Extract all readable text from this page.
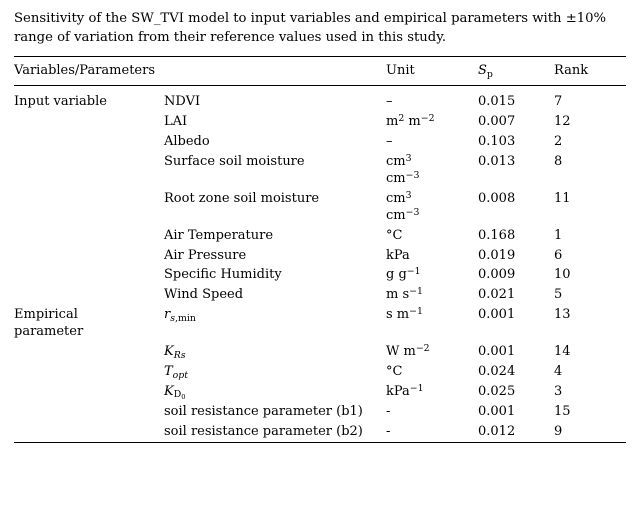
Sensitivity of the SW_TVI model to input variables and empirical parameters with ±10% range of variation from their reference values used in this study.

Variables/Parameters		Unit	$S_p$	Rank
Input variable	NDVI	–	0.015	7
	LAI	$m^2$ $m^{-2}$	0.007	12
	Albedo	–	0.103	2
	Surface soil moisture	$cm^3$ $cm^{-3}$	0.013	8
	Root zone soil moisture	$cm^3$ $cm^{-3}$	0.008	11
	Air Temperature	°C	0.168	1
	Air Pressure	kPa	0.019	6
	Specific Humidity	g $g^{-1}$	0.009	10
	Wind Speed	m $s^{-1}$	0.021	5
Empirical
parameter	$r_{s,min}$	s $m^{-1}$	0.001	13
	$K_{Rs}$	W $m^{-2}$	0.001	14
	$T_{opt}$	°C	0.024	4
	$K_{D_0}$	kPa$^{-1}$	0.025	3
	soil resistance parameter (b1)	-	0.001	15
	soil resistance parameter (b2)	-	0.012	9
